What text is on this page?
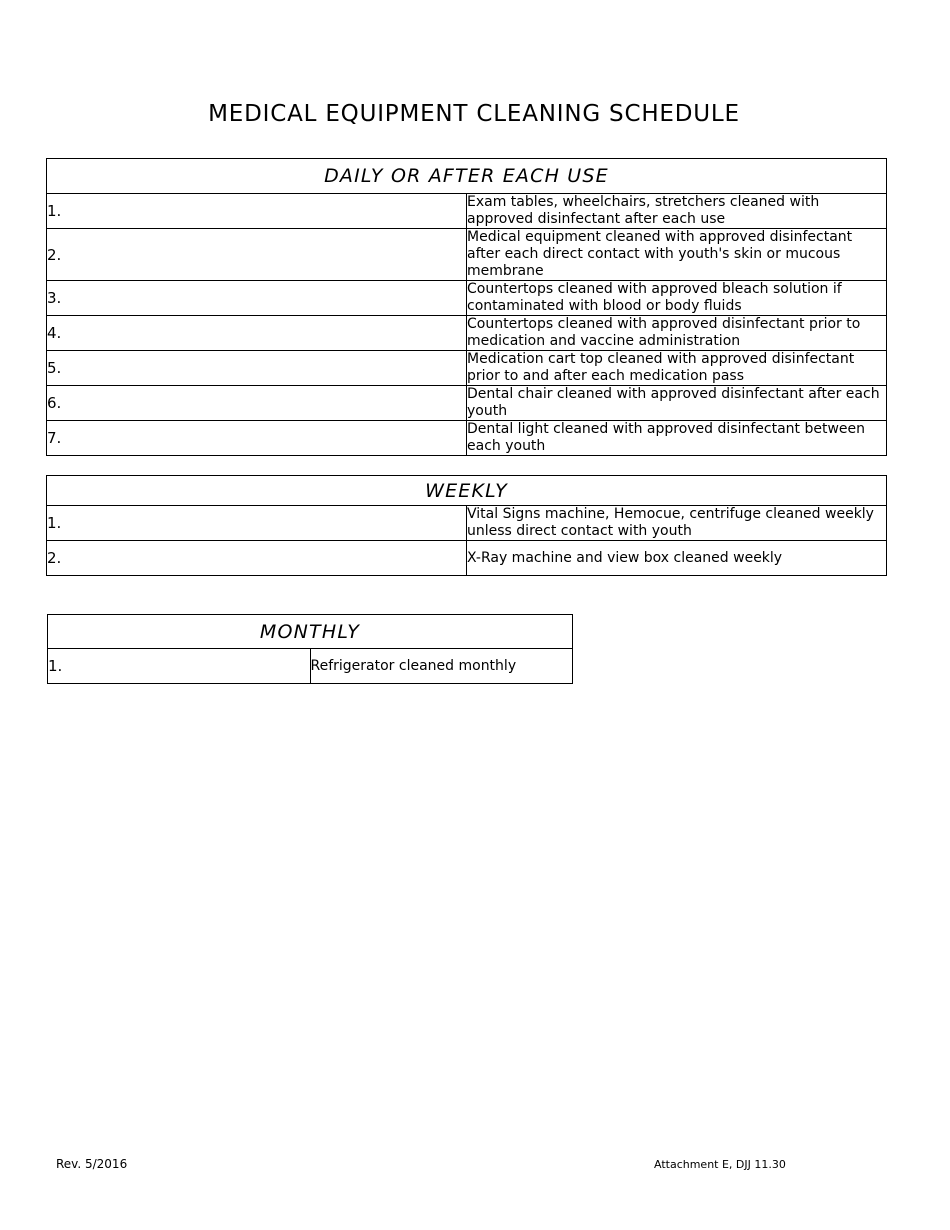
MEDICAL EQUIPMENT CLEANING SCHEDULE
DAILY OR AFTER EACH USE	
1.	Exam tables, wheelchairs, stretchers cleaned with approved disinfectant after each use
2.	Medical equipment cleaned with approved disinfectant after each direct contact with youth's skin or mucous membrane
3.	Countertops cleaned with approved bleach solution if contaminated with blood or body fluids
4.	Countertops cleaned with approved disinfectant prior to medication and vaccine administration
5.	Medication cart top cleaned with approved disinfectant prior to and after each medication pass
6.	Dental chair cleaned with approved disinfectant after each youth
7.	Dental light cleaned with approved disinfectant between each youth
WEEKLY	
1.	Vital Signs machine, Hemocue, centrifuge cleaned weekly unless direct contact with youth
2.	X-Ray machine and view box cleaned weekly
MONTHLY
1.	Refrigerator cleaned monthly
Rev. 5/2016	Attachment E, DJJ 11.30
